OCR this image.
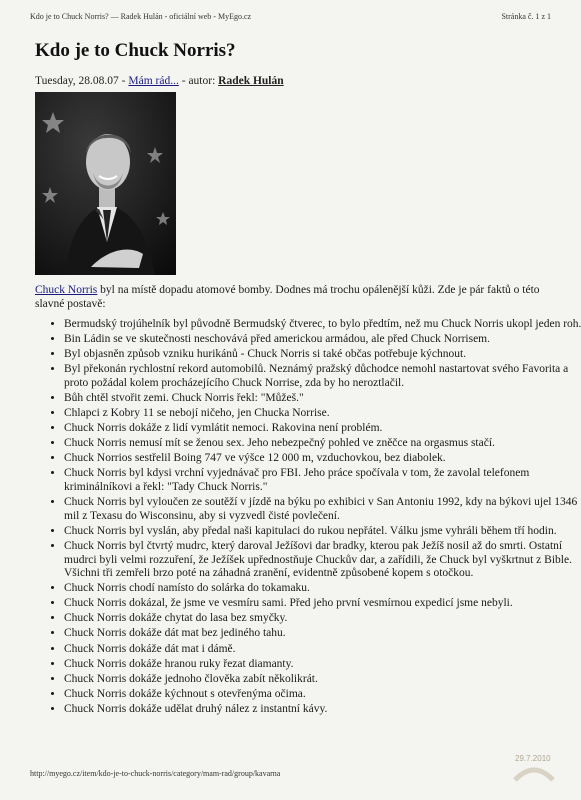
Kdo je to Chuck Norris? — Radek Hulán - oficiální web - MyEgo.cz	Stránka č. 1 z 1
Kdo je to Chuck Norris?
Tuesday, 28.08.07 - Mám rád... - autor: Radek Hulán

Chuck Norris byl na místě dopadu atomové bomby. Dodnes má trochu opálenější kůži. Zde je pár faktů o této slavné postavě:

• Bermudský trojúhelník byl původně Bermudský čtverec, to bylo předtím, než mu Chuck Norris ukopl jeden roh.
• Bin Ládin se ve skutečnosti neschovává před americkou armádou, ale před Chuck Norrisem.
• Byl objasněn způsob vzniku hurikánů - Chuck Norris si také občas potřebuje kýchnout.
• Byl překonán rychlostní rekord automobilů. Neznámý pražský důchodce nemohl nastartovat svého Favorita a proto požádal kolem procházejícího Chuck Norrise, zda by ho neroztlačil.
• Bůh chtěl stvořit zemi. Chuck Norris řekl: "Můžeš."
• Chlapci z Kobry 11 se nebojí ničeho, jen Chucka Norrise.
• Chuck Norris dokáže z lidí vymlátit nemoci. Rakovina není problém.
• Chuck Norris nemusí mít se ženou sex. Jeho nebezpečný pohled ve zněčce na orgasmus stačí.
• Chuck Norrios sestřelil Boing 747 ve výšce 12 000 m, vzduchovkou, bez diabolek.
• Chuck Norris byl kdysi vrchní vyjednávač pro FBI. Jeho práce spočívala v tom, že zavolal telefonem kriminálníkovi a řekl: "Tady Chuck Norris."
• Chuck Norris byl vyloučen ze soutěží v jízdě na býku po exhibici v San Antoniu 1992, kdy na býkovi ujel 1346 mil z Texasu do Wisconsinu, aby si vyzvedl čisté povlečení.
• Chuck Norris byl vyslán, aby předal naši kapitulaci do rukou nepřátel. Válku jsme vyhráli během tří hodin.
• Chuck Norris byl čtvrtý mudrc, který daroval Ježíšovi dar bradky, kterou pak Ježíš nosil až do smrti. Ostatní mudrci byli velmi rozzuření, že Ježíšek upřednostňuje Chuckův dar, a zařídili, že Chuck byl vyškrtnut z Bible. Všichni tři zemřeli brzo poté na záhadná zranění, evidentně způsobené kopem s otočkou.
• Chuck Norris chodí namísto do solárka do tokamaku.
• Chuck Norris dokázal, že jsme ve vesmíru sami. Před jeho první vesmírnou expedicí jsme nebyli.
• Chuck Norris dokáže chytat do lasa bez smyčky.
• Chuck Norris dokáže dát mat bez jediného tahu.
• Chuck Norris dokáže dát mat i dámě.
• Chuck Norris dokáže hranou ruky řezat diamanty.
• Chuck Norris dokáže jednoho člověka zabít několikrát.
• Chuck Norris dokáže kýchnout s otevřenýma očima.
• Chuck Norris dokáže udělat druhý nález z instantní kávy.
http://myego.cz/item/kdo-je-to-chuck-norris/category/mam-rad/group/kavarna
29.7.2010
